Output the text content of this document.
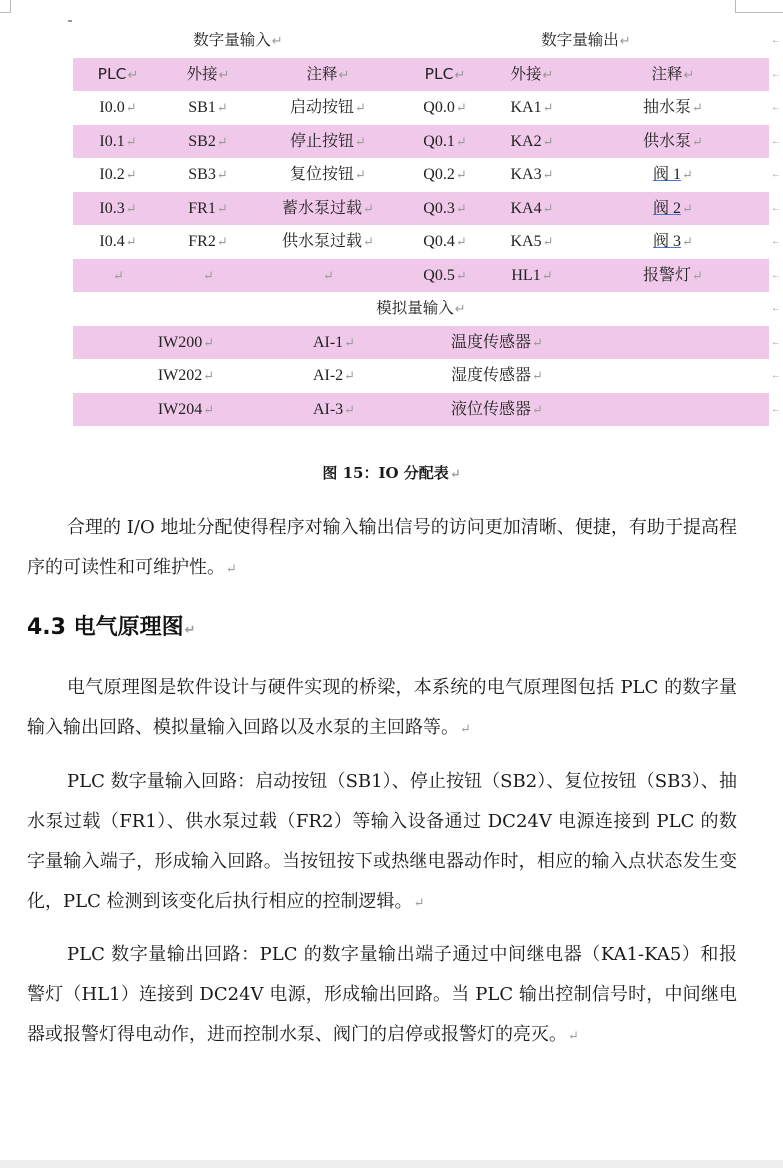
←
数字量输入↵	数字量输出↵
←
PLC↵	外接↵	注释↵	PLC↵	外接↵	注释↵
←
I0.0↵	SB1↵	启动按钮↵	Q0.0↵	KA1↵	抽水泵↵
←
I0.1↵	SB2↵	停止按钮↵	Q0.1↵	KA2↵	供水泵↵
←
I0.2↵	SB3↵	复位按钮↵	Q0.2↵	KA3↵	阀 1↵
←
I0.3↵	FR1↵	蓄水泵过载↵	Q0.3↵	KA4↵	阀 2↵
←
I0.4↵	FR2↵	供水泵过载↵	Q0.4↵	KA5↵	阀 3↵
←
↵	↵	↵	Q0.5↵	HL1↵	报警灯↵
←
模拟量输入↵
←
IW200↵	AI-1↵	温度传感器↵
←
IW202↵	AI-2↵	湿度传感器↵
←
IW204↵	AI-3↵	液位传感器↵
图 15：IO 分配表↵

合理的 I/O 地址分配使得程序对输入输出信号的访问更加清晰、便捷，有助于提高程序的可读性和可维护性。↵

4.3 电气原理图↵

电气原理图是软件设计与硬件实现的桥梁，本系统的电气原理图包括 PLC 的数字量输入输出回路、模拟量输入回路以及水泵的主回路等。↵

PLC 数字量输入回路：启动按钮（SB1）、停止按钮（SB2）、复位按钮（SB3）、抽水泵过载（FR1）、供水泵过载（FR2）等输入设备通过 DC24V 电源连接到 PLC 的数字量输入端子，形成输入回路。当按钮按下或热继电器动作时，相应的输入点状态发生变化，PLC 检测到该变化后执行相应的控制逻辑。↵

PLC 数字量输出回路：PLC 的数字量输出端子通过中间继电器（KA1-KA5）和报警灯（HL1）连接到 DC24V 电源，形成输出回路。当 PLC 输出控制信号时，中间继电器或报警灯得电动作，进而控制水泵、阀门的启停或报警灯的亮灭。↵
